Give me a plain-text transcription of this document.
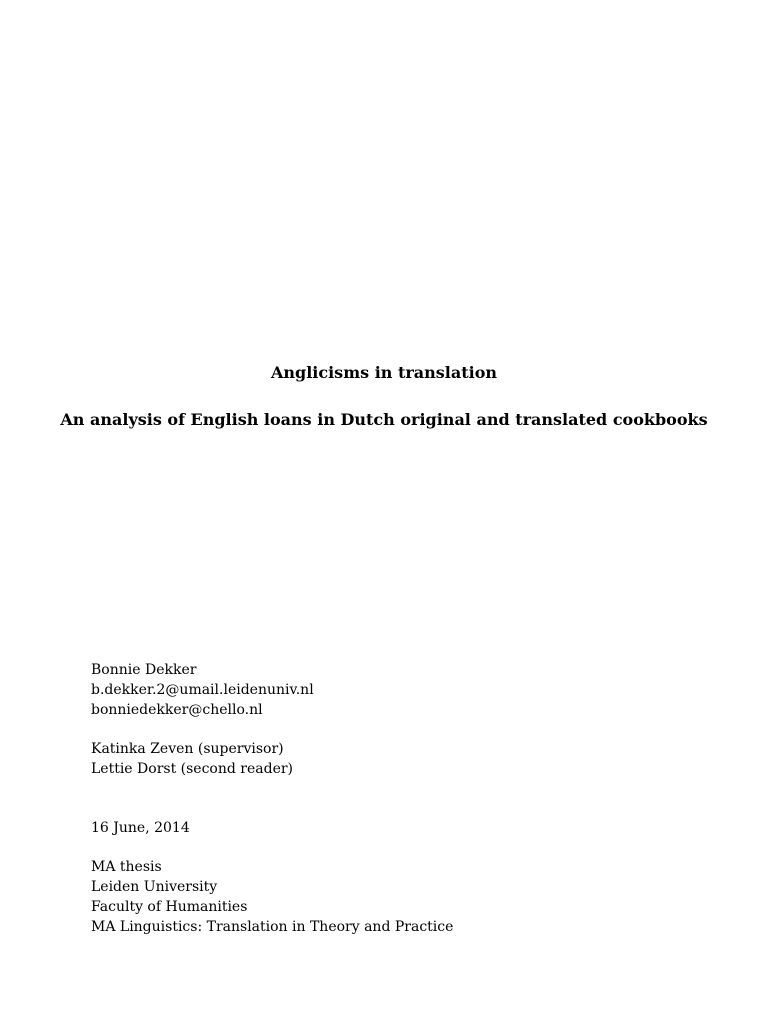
Anglicisms in translation
An analysis of English loans in Dutch original and translated cookbooks
Bonnie Dekker
b.dekker.2@umail.leidenuniv.nl
bonniedekker@chello.nl
Katinka Zeven (supervisor)
Lettie Dorst (second reader)
16 June, 2014
MA thesis
Leiden University
Faculty of Humanities
MA Linguistics: Translation in Theory and Practice
